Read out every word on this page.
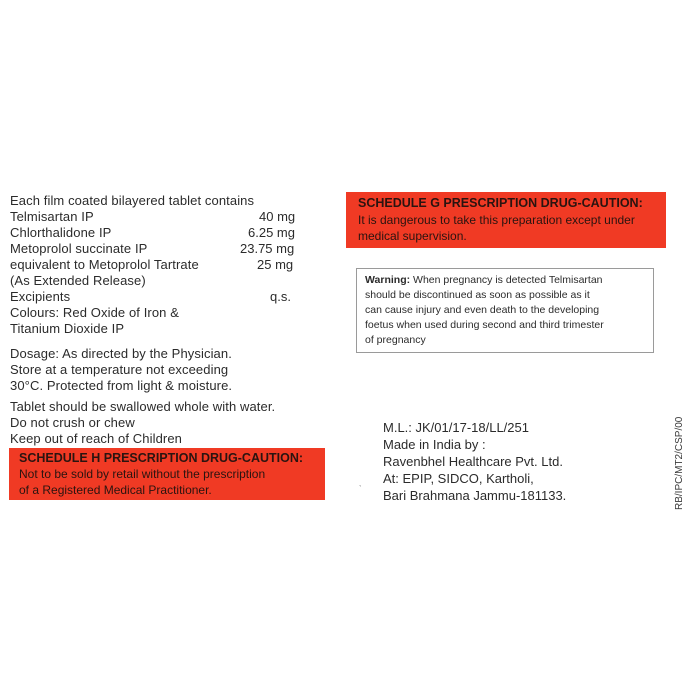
Each film coated bilayered tablet contains
Telmisartan IP	40 mg
Chlorthalidone IP	6.25 mg
Metoprolol succinate IP	23.75 mg
equivalent to Metoprolol Tartrate	25 mg
(As Extended Release)
Excipients	q.s.
Colours: Red Oxide of Iron &
Titanium Dioxide IP
Dosage: As directed by the Physician.
Store at a temperature not exceeding
30°C. Protected from light & moisture.
Tablet should be swallowed whole with water.
Do not crush or chew
Keep out of reach of Children
SCHEDULE H PRESCRIPTION DRUG-CAUTION:
Not to be sold by retail without the prescription
of a Registered Medical Practitioner.
SCHEDULE G PRESCRIPTION DRUG-CAUTION:
It is dangerous to take this preparation except under
medical supervision.
Warning: When pregnancy is detected Telmisartan
should be discontinued as soon as possible as it
can cause injury and even death to the developing
foetus when used during second and third trimester
of pregnancy
M.L.: JK/01/17-18/LL/251
Made in India by :
Ravenbhel Healthcare Pvt. Ltd.
At: EPIP, SIDCO, Kartholi,
Bari Brahmana Jammu-181133.
ˎ	RB/IPC/MT2/CSP/00
